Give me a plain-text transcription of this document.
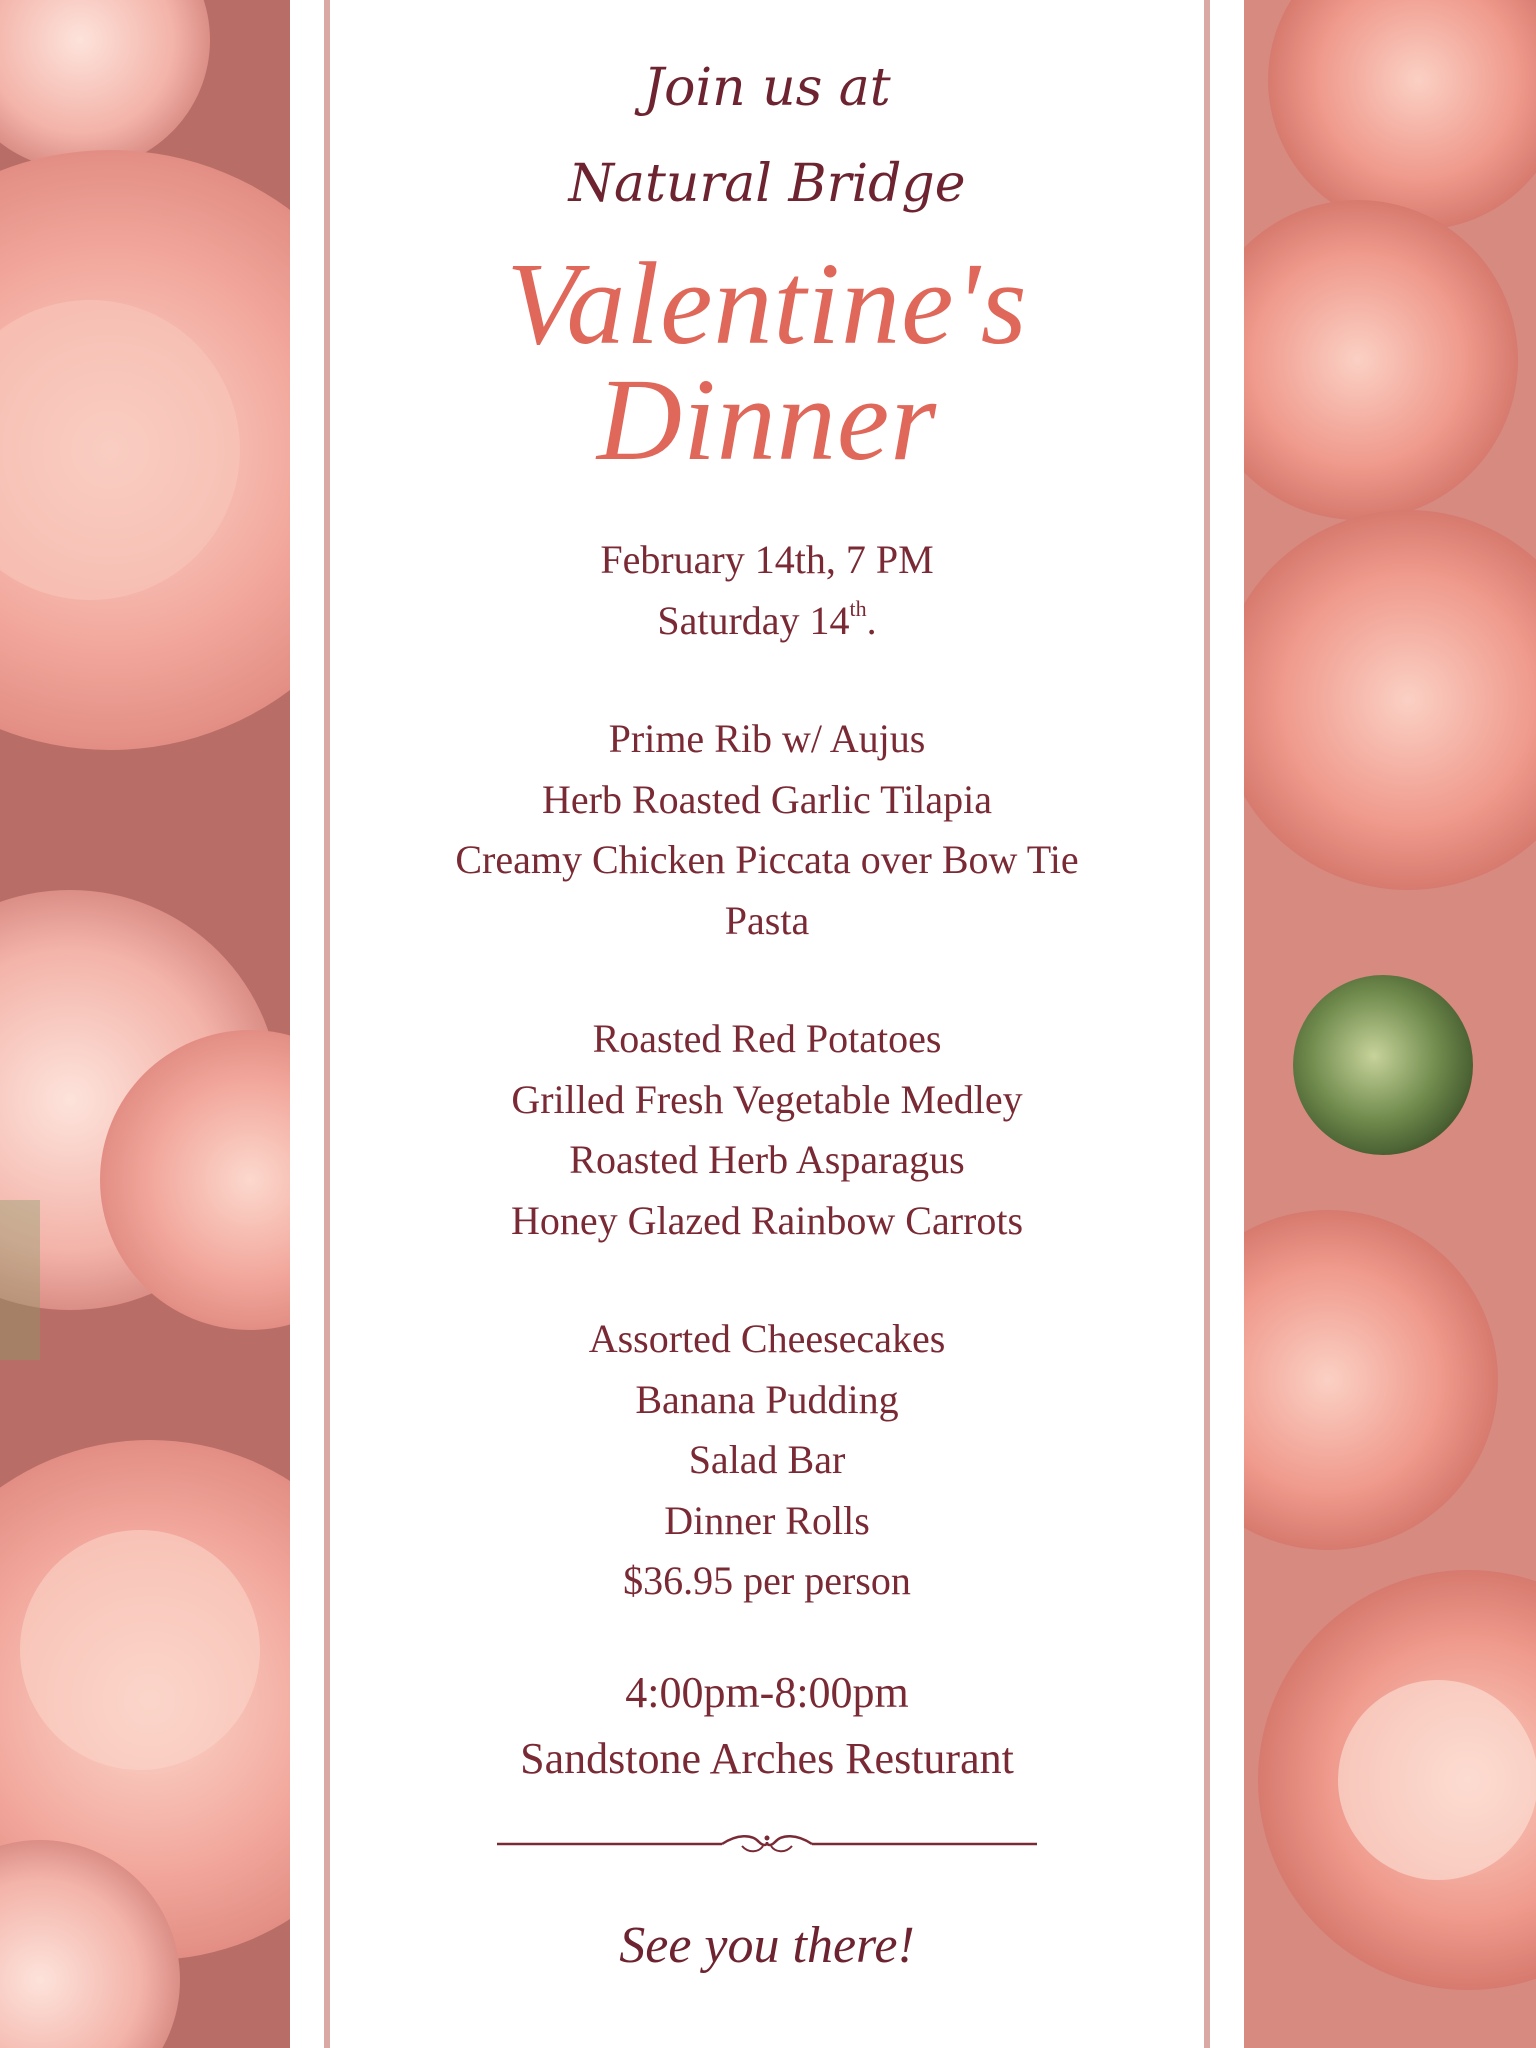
Join us at

Natural Bridge

Valentine's

Dinner

February 14th, 7 PM
Saturday 14th.
Prime Rib w/ Aujus
Herb Roasted Garlic Tilapia
Creamy Chicken Piccata over Bow Tie
Pasta
Roasted Red Potatoes
Grilled Fresh Vegetable Medley
Roasted Herb Asparagus
Honey Glazed Rainbow Carrots
Assorted Cheesecakes
Banana Pudding
Salad Bar
Dinner Rolls
$36.95 per person
4:00pm-8:00pm
Sandstone Arches Resturant

See you there!
